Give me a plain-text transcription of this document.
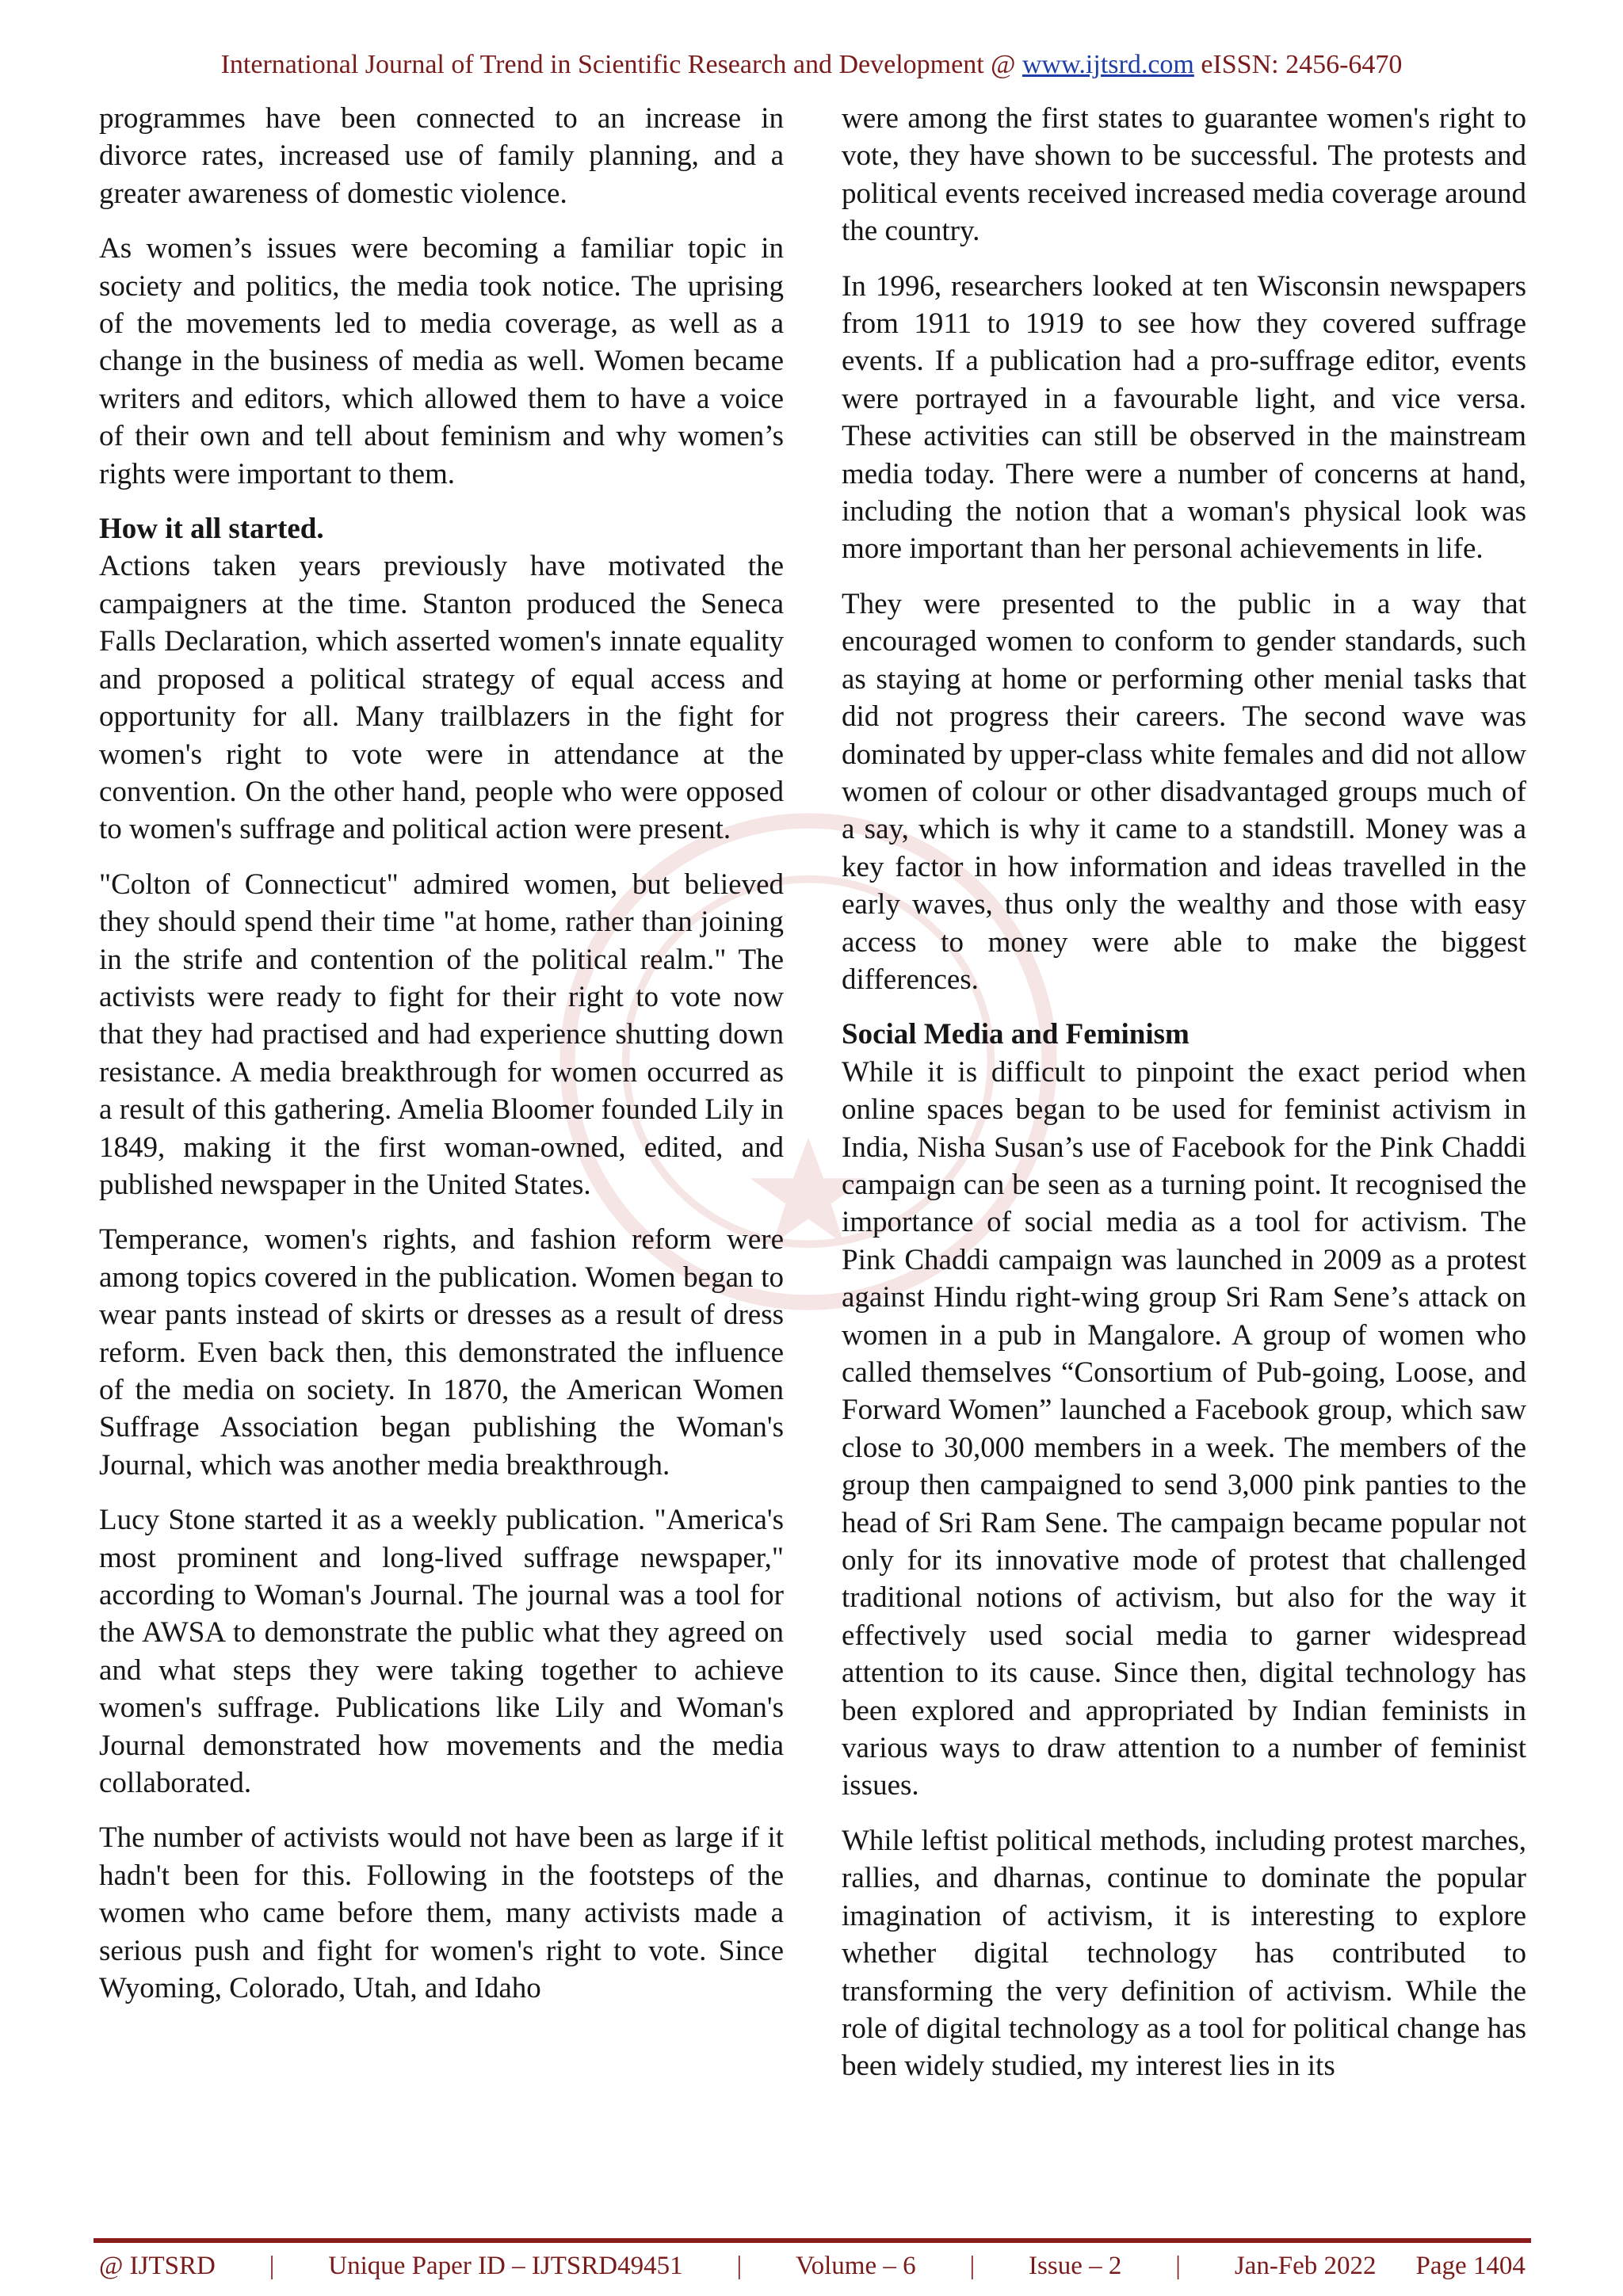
International Journal of Trend in Scientific Research and Development @ www.ijtsrd.com eISSN: 2456-6470

programmes have been connected to an increase in divorce rates, increased use of family planning, and a greater awareness of domestic violence.

As women’s issues were becoming a familiar topic in society and politics, the media took notice. The uprising of the movements led to media coverage, as well as a change in the business of media as well. Women became writers and editors, which allowed them to have a voice of their own and tell about feminism and why women’s rights were important to them.

How it all started.

Actions taken years previously have motivated the campaigners at the time. Stanton produced the Seneca Falls Declaration, which asserted women's innate equality and proposed a political strategy of equal access and opportunity for all. Many trailblazers in the fight for women's right to vote were in attendance at the convention. On the other hand, people who were opposed to women's suffrage and political action were present.

"Colton of Connecticut" admired women, but believed they should spend their time "at home, rather than joining in the strife and contention of the political realm." The activists were ready to fight for their right to vote now that they had practised and had experience shutting down resistance. A media breakthrough for women occurred as a result of this gathering. Amelia Bloomer founded Lily in 1849, making it the first woman-owned, edited, and published newspaper in the United States.

Temperance, women's rights, and fashion reform were among topics covered in the publication. Women began to wear pants instead of skirts or dresses as a result of dress reform. Even back then, this demonstrated the influence of the media on society. In 1870, the American Women Suffrage Association began publishing the Woman's Journal, which was another media breakthrough.

Lucy Stone started it as a weekly publication. "America's most prominent and long-lived suffrage newspaper," according to Woman's Journal. The journal was a tool for the AWSA to demonstrate the public what they agreed on and what steps they were taking together to achieve women's suffrage. Publications like Lily and Woman's Journal demonstrated how movements and the media collaborated.

The number of activists would not have been as large if it hadn't been for this. Following in the footsteps of the women who came before them, many activists made a serious push and fight for women's right to vote. Since Wyoming, Colorado, Utah, and Idaho

were among the first states to guarantee women's right to vote, they have shown to be successful. The protests and political events received increased media coverage around the country.

In 1996, researchers looked at ten Wisconsin newspapers from 1911 to 1919 to see how they covered suffrage events. If a publication had a pro-suffrage editor, events were portrayed in a favourable light, and vice versa. These activities can still be observed in the mainstream media today. There were a number of concerns at hand, including the notion that a woman's physical look was more important than her personal achievements in life.

They were presented to the public in a way that encouraged women to conform to gender standards, such as staying at home or performing other menial tasks that did not progress their careers. The second wave was dominated by upper-class white females and did not allow women of colour or other disadvantaged groups much of a say, which is why it came to a standstill. Money was a key factor in how information and ideas travelled in the early waves, thus only the wealthy and those with easy access to money were able to make the biggest differences.

Social Media and Feminism

While it is difficult to pinpoint the exact period when online spaces began to be used for feminist activism in India, Nisha Susan’s use of Facebook for the Pink Chaddi campaign can be seen as a turning point. It recognised the importance of social media as a tool for activism. The Pink Chaddi campaign was launched in 2009 as a protest against Hindu right-wing group Sri Ram Sene’s attack on women in a pub in Mangalore. A group of women who called themselves “Consortium of Pub-going, Loose, and Forward Women” launched a Facebook group, which saw close to 30,000 members in a week. The members of the group then campaigned to send 3,000 pink panties to the head of Sri Ram Sene. The campaign became popular not only for its innovative mode of protest that challenged traditional notions of activism, but also for the way it effectively used social media to garner widespread attention to its cause. Since then, digital technology has been explored and appropriated by Indian feminists in various ways to draw attention to a number of feminist issues.

While leftist political methods, including protest marches, rallies, and dharnas, continue to dominate the popular imagination of activism, it is interesting to explore whether digital technology has contributed to transforming the very definition of activism. While the role of digital technology as a tool for political change has been widely studied, my interest lies in its

@ IJTSRD	|	Unique Paper ID – IJTSRD49451	|	Volume – 6	|	Issue – 2	|	Jan-Feb 2022 Page 1404
